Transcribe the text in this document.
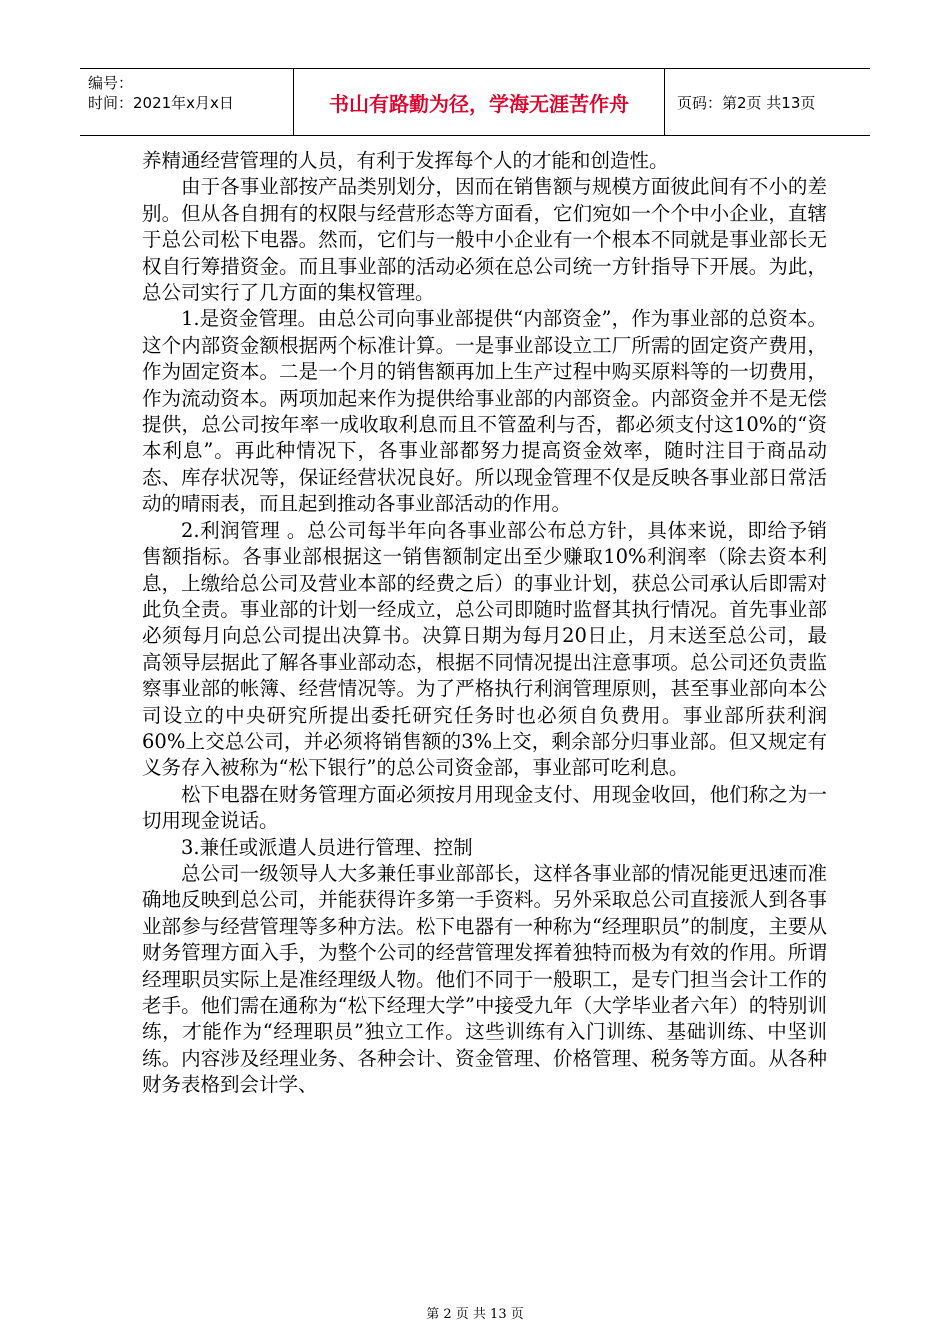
编号：
时间：2021年x月x日	书山有路勤为径，学海无涯苦作舟	页码：第2页 共13页

养精通经营管理的人员，有利于发挥每个人的才能和创造性。

由于各事业部按产品类别划分，因而在销售额与规模方面彼此间有不小的差别。但从各自拥有的权限与经营形态等方面看，它们宛如一个个中小企业，直辖于总公司松下电器。然而，它们与一般中小企业有一个根本不同就是事业部长无权自行筹措资金。而且事业部的活动必须在总公司统一方针指导下开展。为此，总公司实行了几方面的集权管理。

1.是资金管理。由总公司向事业部提供“内部资金”，作为事业部的总资本。这个内部资金额根据两个标准计算。一是事业部设立工厂所需的固定资产费用，作为固定资本。二是一个月的销售额再加上生产过程中购买原料等的一切费用，作为流动资本。两项加起来作为提供给事业部的内部资金。内部资金并不是无偿提供，总公司按年率一成收取利息而且不管盈利与否，都必须支付这10%的“资本利息”。再此种情况下，各事业部都努力提高资金效率，随时注目于商品动态、库存状况等，保证经营状况良好。所以现金管理不仅是反映各事业部日常活动的晴雨表，而且起到推动各事业部活动的作用。

2.利润管理 。总公司每半年向各事业部公布总方针，具体来说，即给予销售额指标。各事业部根据这一销售额制定出至少赚取10%利润率（除去资本利息，上缴给总公司及营业本部的经费之后）的事业计划，获总公司承认后即需对此负全责。事业部的计划一经成立，总公司即随时监督其执行情况。首先事业部必须每月向总公司提出决算书。决算日期为每月20日止，月末送至总公司，最高领导层据此了解各事业部动态，根据不同情况提出注意事项。总公司还负责监察事业部的帐簿、经营情况等。为了严格执行利润管理原则，甚至事业部向本公司设立的中央研究所提出委托研究任务时也必须自负费用。事业部所获利润60%上交总公司，并必须将销售额的3%上交，剩余部分归事业部。但又规定有义务存入被称为“松下银行”的总公司资金部，事业部可吃利息。

松下电器在财务管理方面必须按月用现金支付、用现金收回，他们称之为一切用现金说话。

3.兼任或派遣人员进行管理、控制

总公司一级领导人大多兼任事业部部长，这样各事业部的情况能更迅速而准确地反映到总公司，并能获得许多第一手资料。另外采取总公司直接派人到各事业部参与经营管理等多种方法。松下电器有一种称为“经理职员”的制度，主要从财务管理方面入手，为整个公司的经营管理发挥着独特而极为有效的作用。所谓经理职员实际上是准经理级人物。他们不同于一般职工，是专门担当会计工作的老手。他们需在通称为“松下经理大学”中接受九年（大学毕业者六年）的特别训练，才能作为“经理职员”独立工作。这些训练有入门训练、基础训练、中坚训练。内容涉及经理业务、各种会计、资金管理、价格管理、税务等方面。从各种财务表格到会计学、

第 2 页 共 13 页
